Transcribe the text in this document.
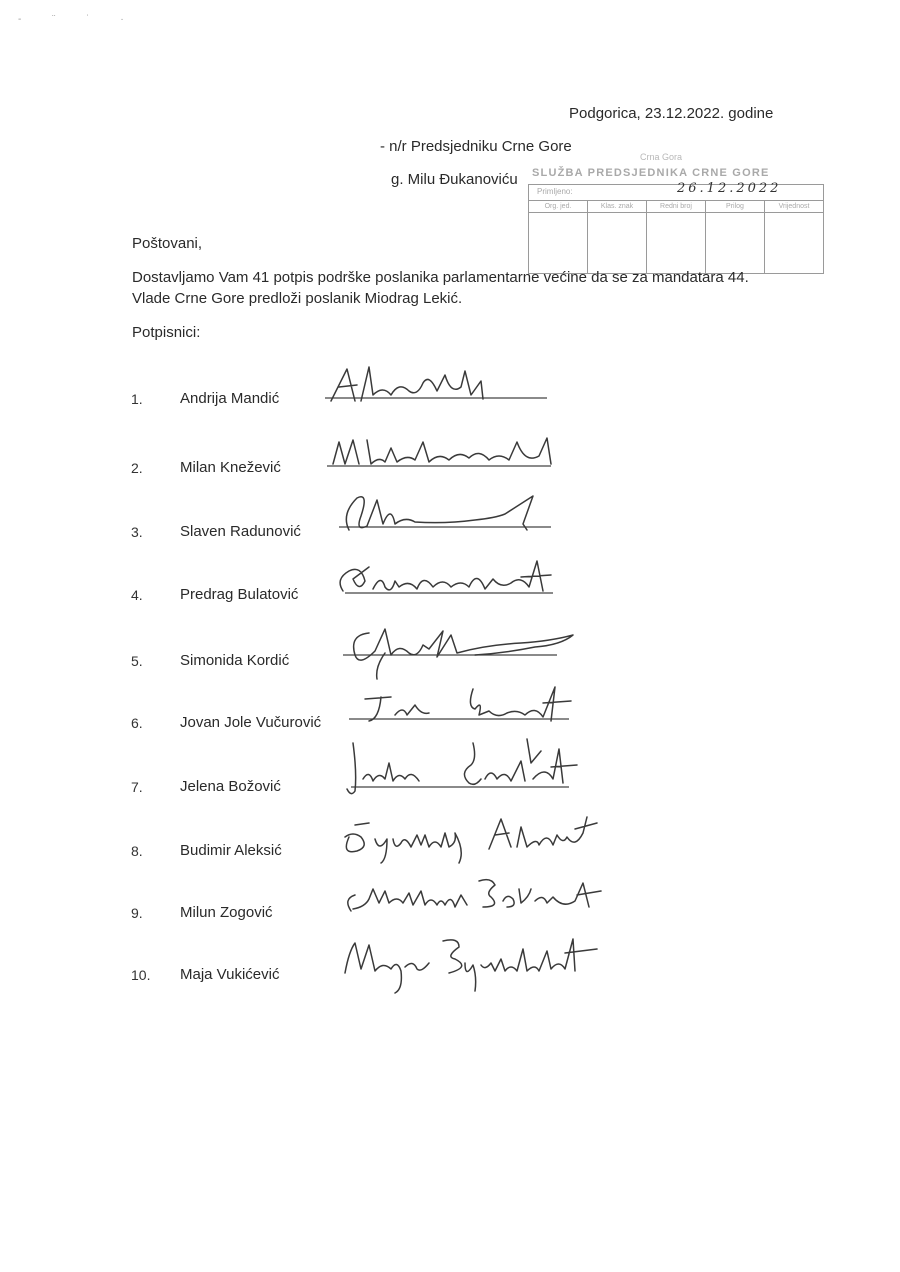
- ¨ ˙ ·
Podgorica, 23.12.2022. godine
- n/r Predsjedniku Crne Gore
g. Milu Đukanoviću
Crna Gora
SLUŽBA PREDSJEDNIKA CRNE GORE
Primljeno:	26.12.2022
Org. jed.	Klas. znak	Redni broj	Prilog	Vrijednost
Poštovani,
Dostavljamo Vam 41 potpis podrške poslanika parlamentarne većine da se za mandatara 44.
Vlade Crne Gore predloži poslanik Miodrag Lekić.
Potpisnici:
1. Andrija Mandić
2. Milan Knežević
3. Slaven Radunović
4. Predrag Bulatović
5. Simonida Kordić
6. Jovan Jole Vučurović
7. Jelena Božović
8. Budimir Aleksić
9. Milun Zogović
10. Maja Vukićević
